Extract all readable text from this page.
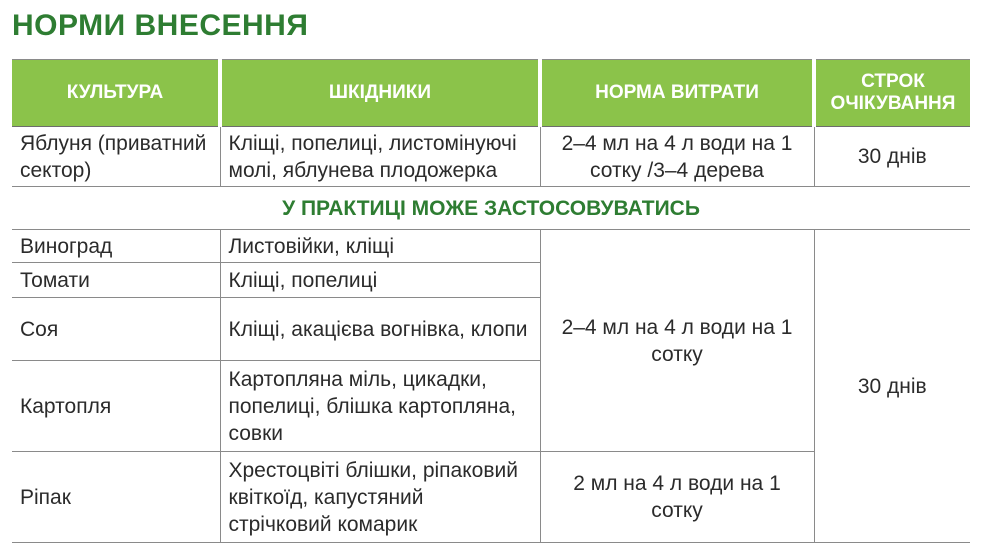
НОРМИ ВНЕСЕННЯ
КУЛЬТУРА	ШКІДНИКИ	НОРМА ВИТРАТИ	СТРОК ОЧІКУВАННЯ
Яблуня (приватний сектор)	Кліщі, попелиці, листомінуючі молі, яблунева плодожерка	2–4 мл на 4 л води на 1 сотку /3–4 дерева	30 днів
У ПРАКТИЦІ МОЖЕ ЗАСТОСОВУВАТИСЬ			
Виноград	Листовійки, кліщі	2–4 мл на 4 л води на 1 сотку	30 днів
Томати	Кліщі, попелиці		
Соя	Кліщі, акацієва вогнівка, клопи		
Картопля	Картопляна міль, цикадки, попелиці, блішка картопляна, совки		
Ріпак	Хрестоцвіті блішки, ріпаковий квіткоїд, капустяний стрічковий комарик	2 мл на 4 л води на 1 сотку	
